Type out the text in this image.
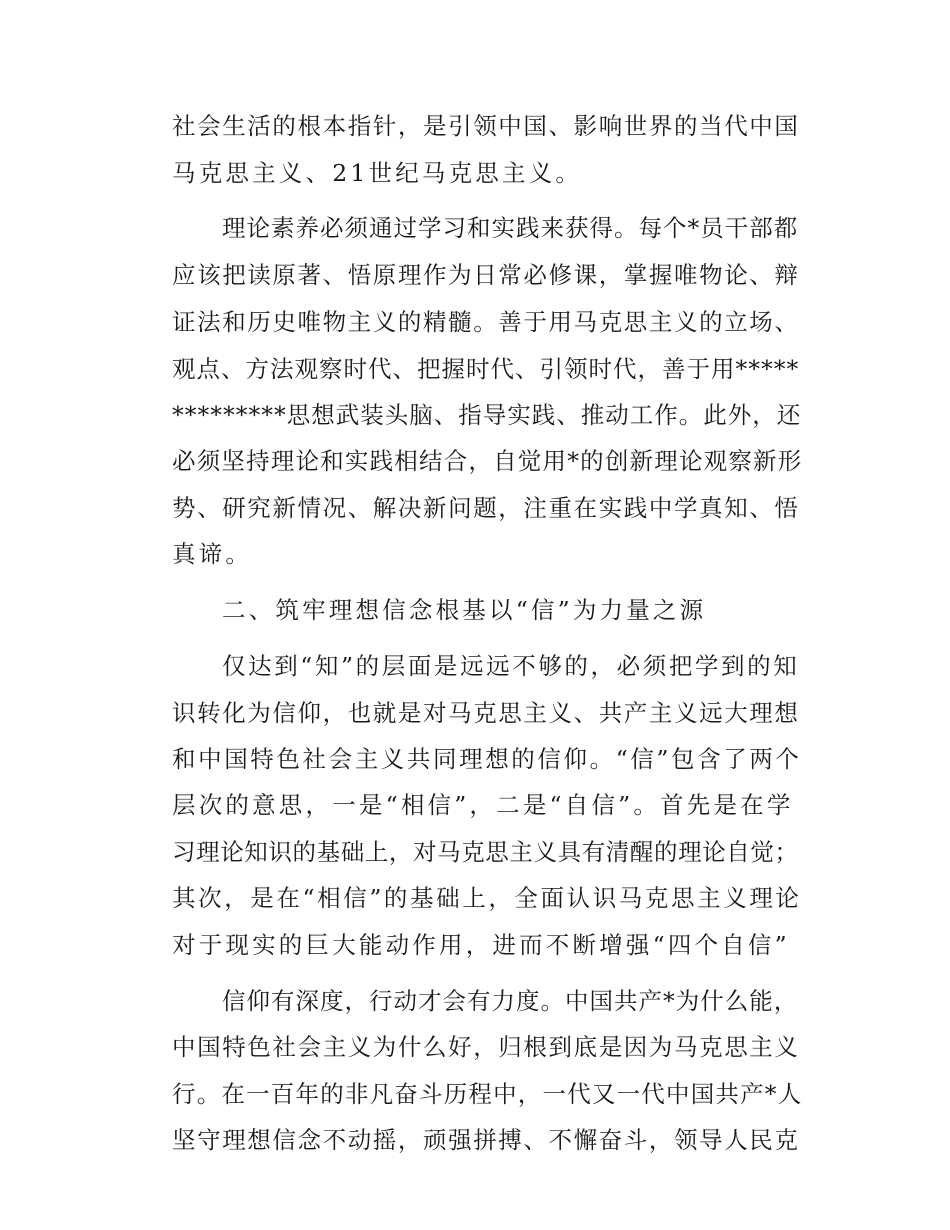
社会生活的根本指针，是引领中国、影响世界的当代中国
马克思主义、21世纪马克思主义。
理论素养必须通过学习和实践来获得。每个*员干部都
应该把读原著、悟原理作为日常必修课，掌握唯物论、辩
证法和历史唯物主义的精髓。善于用马克思主义的立场、
观点、方法观察时代、把握时代、引领时代，善于用*****
*********思想武装头脑、指导实践、推动工作。此外，还
必须坚持理论和实践相结合，自觉用*的创新理论观察新形
势、研究新情况、解决新问题，注重在实践中学真知、悟
真谛。
二、筑牢理想信念根基以“信”为力量之源
仅达到“知”的层面是远远不够的，必须把学到的知
识转化为信仰，也就是对马克思主义、共产主义远大理想
和中国特色社会主义共同理想的信仰。“信”包含了两个
层次的意思，一是“相信”，二是“自信”。首先是在学
习理论知识的基础上，对马克思主义具有清醒的理论自觉；
其次，是在“相信”的基础上，全面认识马克思主义理论
对于现实的巨大能动作用，进而不断增强“四个自信”
信仰有深度，行动才会有力度。中国共产*为什么能，
中国特色社会主义为什么好，归根到底是因为马克思主义
行。在一百年的非凡奋斗历程中，一代又一代中国共产*人
坚守理想信念不动摇，顽强拼搏、不懈奋斗，领导人民克
